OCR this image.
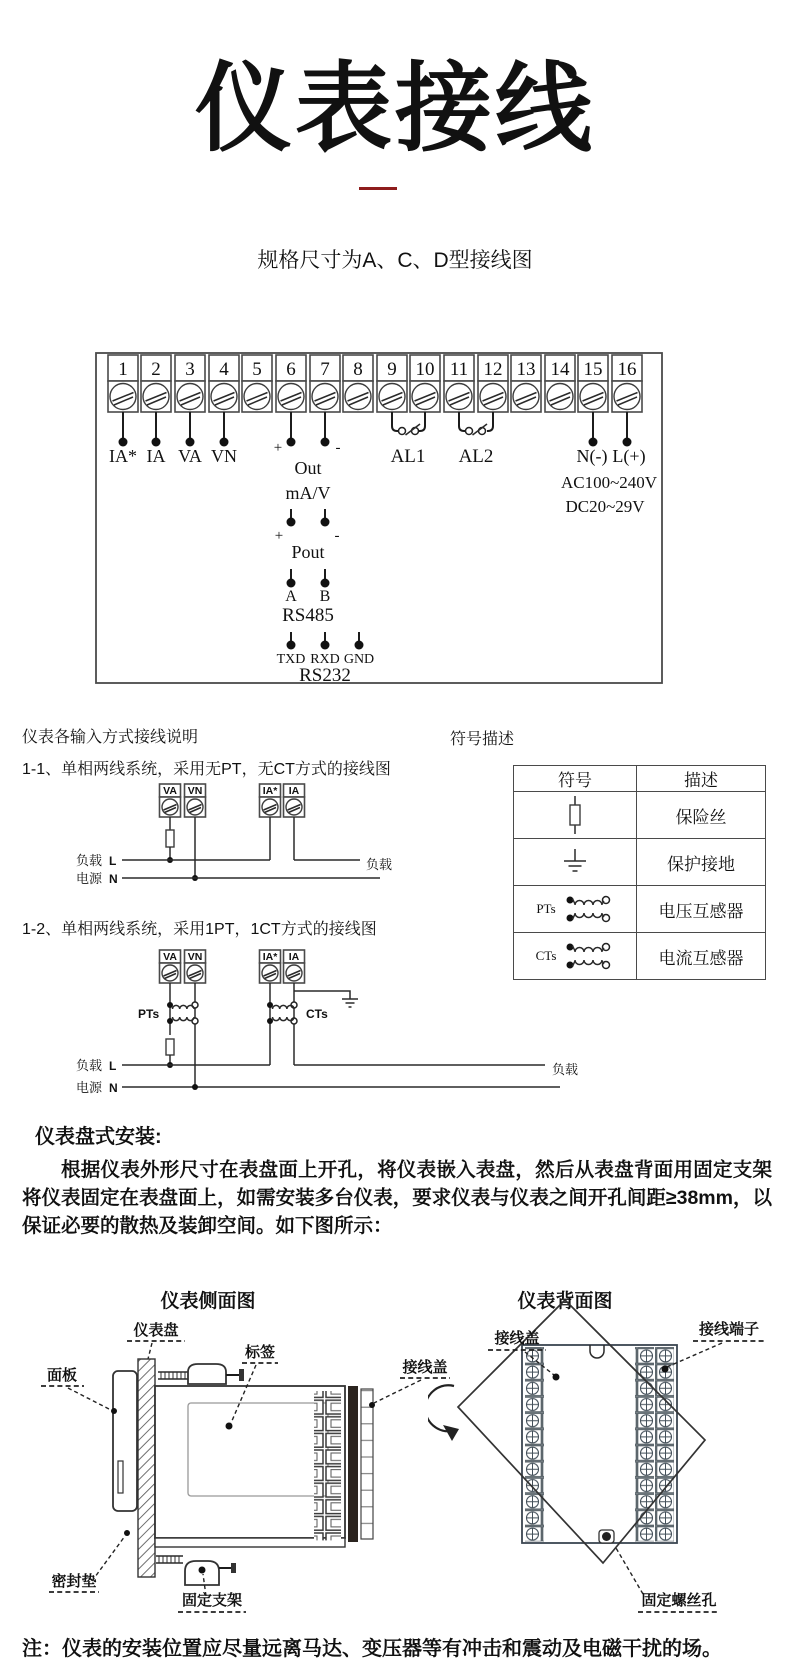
仪表接线
规格尺寸为A、C、D型接线图
1 2 3 4 5 6 7 8 9 10 11 12 13 14 15 16
IA* IA VA VN +	-
Out
mA/V
+	-
Pout
A B
RS485
TXD RXD GND
RS232
AL1 AL2	N(-) L(+)
AC100~240V
DC20~29V
仪表各输入方式接线说明	符号描述
1-1、单相两线系统，采用无PT，无CT方式的接线图
符号	描述

	保险丝

	保护接地

PTs	电压互感器

CTs	电流互感器
VA VN	IA* IA
负载 L
电源 N
负载
1-2、单相两线系统，采用1PT，1CT方式的接线图
VA VN	IA* IA
PTs	CTs
负载 L
电源 N
负载
仪表盘式安装:
根据仪表外形尺寸在表盘面上开孔，将仪表嵌入表盘，然后从表盘背面用固定支架将仪表固定在表盘面上，如需安装多台仪表，要求仪表与仪表之间开孔间距≥38mm，以保证必要的散热及装卸空间。如下图所示：
仪表侧面图	仪表背面图
仪表盘
面板
标签
接线盖
密封垫
固定支架
接线盖
接线端子
固定螺丝孔
注：仪表的安装位置应尽量远离马达、变压器等有冲击和震动及电磁干扰的场。
